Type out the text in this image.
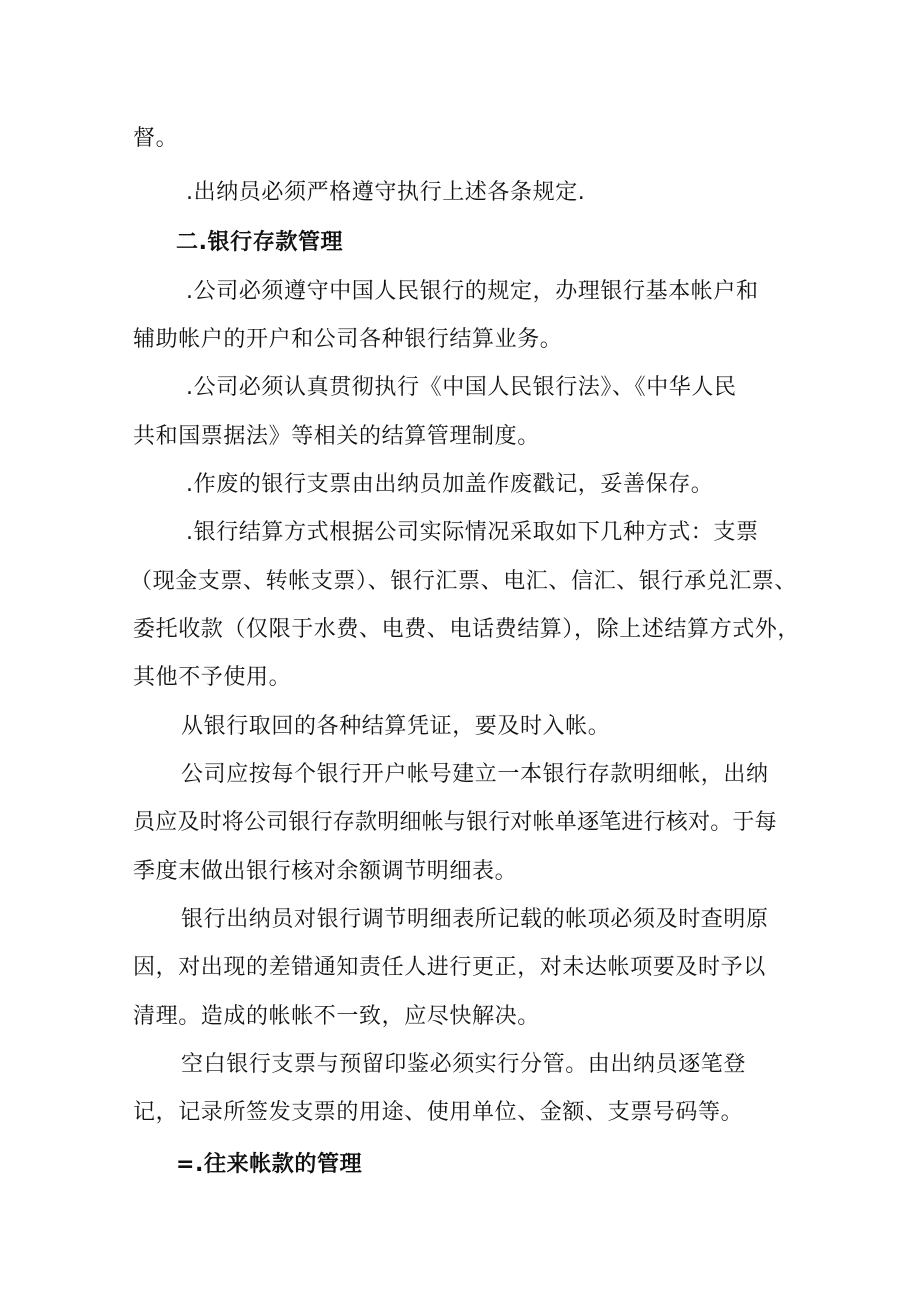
督。
.出纳员必须严格遵守执行上述各条规定.
二.银行存款管理
.公司必须遵守中国人民银行的规定，办理银行基本帐户和
辅助帐户的开户和公司各种银行结算业务。
.公司必须认真贯彻执行《中国人民银行法》、《中华人民
共和国票据法》等相关的结算管理制度。
.作废的银行支票由出纳员加盖作废戳记，妥善保存。
.银行结算方式根据公司实际情况采取如下几种方式：支票
（现金支票、转帐支票）、银行汇票、电汇、信汇、银行承兑汇票、
委托收款（仅限于水费、电费、电话费结算），除上述结算方式外，
其他不予使用。
从银行取回的各种结算凭证，要及时入帐。
公司应按每个银行开户帐号建立一本银行存款明细帐，出纳
员应及时将公司银行存款明细帐与银行对帐单逐笔进行核对。于每
季度末做出银行核对余额调节明细表。
银行出纳员对银行调节明细表所记载的帐项必须及时查明原
因，对出现的差错通知责任人进行更正，对未达帐项要及时予以
清理。造成的帐帐不一致，应尽快解决。
空白银行支票与预留印鉴必须实行分管。由出纳员逐笔登
记，记录所签发支票的用途、使用单位、金额、支票号码等。
=.往来帐款的管理
